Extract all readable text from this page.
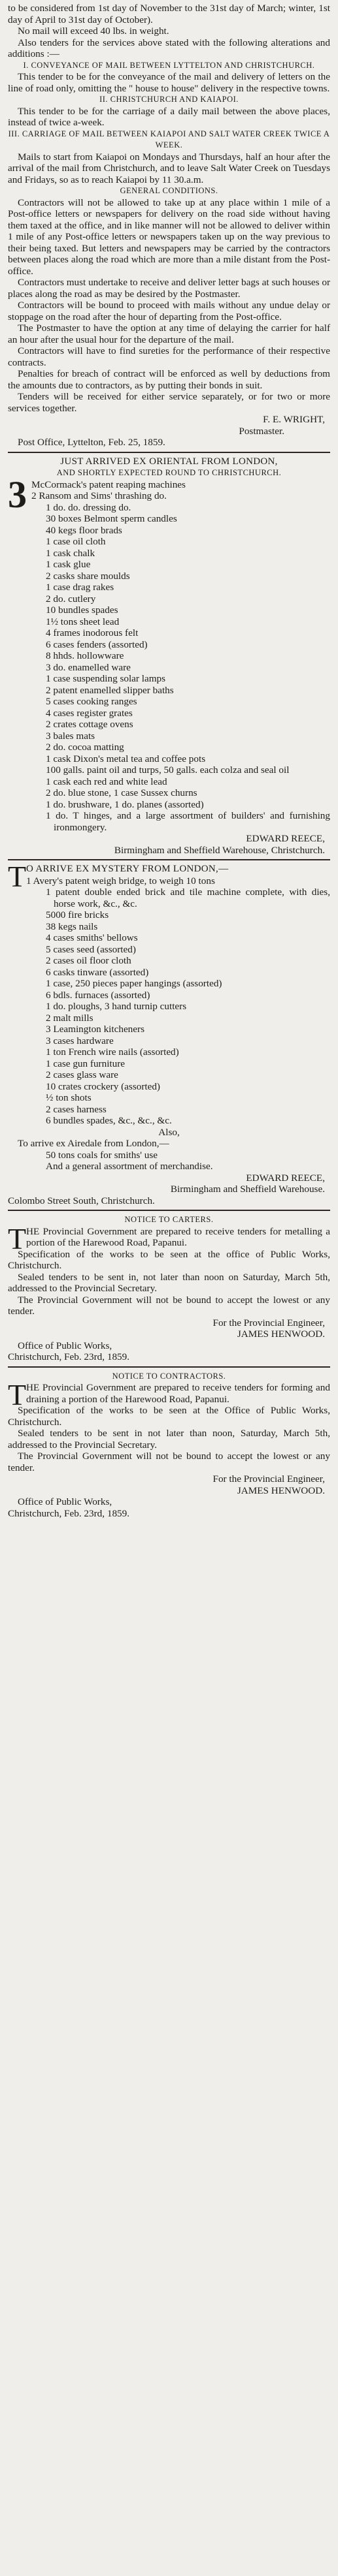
to be considered from 1st day of November to the 31st day of March; winter, 1st day of April to 31st day of October).

No mail will exceed 40 lbs. in weight.

Also tenders for the services above stated with the following alterations and additions :—

I. CONVEYANCE OF MAIL BETWEEN LYTTELTON AND CHRISTCHURCH.

This tender to be for the conveyance of the mail and delivery of letters on the line of road only, omitting the " house to house" delivery in the respective towns.

II. CHRISTCHURCH AND KAIAPOI.

This tender to be for the carriage of a daily mail between the above places, instead of twice a-week.

III. CARRIAGE OF MAIL BETWEEN KAIAPOI AND SALT WATER CREEK TWICE A WEEK.

Mails to start from Kaiapoi on Mondays and Thursdays, half an hour after the arrival of the mail from Christchurch, and to leave Salt Water Creek on Tuesdays and Fridays, so as to reach Kaiapoi by 11 30.a.m.

GENERAL CONDITIONS.

Contractors will not be allowed to take up at any place within 1 mile of a Post-office letters or newspapers for delivery on the road side without having them taxed at the office, and in like manner will not be allowed to deliver within 1 mile of any Post-office letters or newspapers taken up on the way previous to their being taxed. But letters and newspapers may be carried by the contractors between places along the road which are more than a mile distant from the Post-office.

Contractors must undertake to receive and deliver letter bags at such houses or places along the road as may be desired by the Postmaster.

Contractors will be bound to proceed with mails without any undue delay or stoppage on the road after the hour of departing from the Post-office.

The Postmaster to have the option at any time of delaying the carrier for half an hour after the usual hour for the departure of the mail.

Contractors will have to find sureties for the performance of their respective contracts.

Penalties for breach of contract will be enforced as well by deductions from the amounts due to contractors, as by putting their bonds in suit.

Tenders will be received for either service separately, or for two or more services together.

F. E. WRIGHT,

Postmaster.

Post Office, Lyttelton, Feb. 25, 1859.

JUST ARRIVED EX ORIENTAL FROM LONDON,

AND SHORTLY EXPECTED ROUND TO CHRISTCHURCH.

3 McCormack's patent reaping machines

2 Ransom and Sims' thrashing do.

1 do. do. dressing do.

30 boxes Belmont sperm candles

40 kegs floor brads

1 case oil cloth

1 cask chalk

1 cask glue

2 casks share moulds

1 case drag rakes

2 do. cutlery

10 bundles spades

1½ tons sheet lead

4 frames inodorous felt

6 cases fenders (assorted)

8 hhds. hollowware

3 do. enamelled ware

1 case suspending solar lamps

2 patent enamelled slipper baths

5 cases cooking ranges

4 cases register grates

2 crates cottage ovens

3 bales mats

2 do. cocoa matting

1 cask Dixon's metal tea and coffee pots

100 galls. paint oil and turps, 50 galls. each colza and seal oil

1 cask each red and white lead

2 do. blue stone, 1 case Sussex churns

1 do. brushware, 1 do. planes (assorted)

1 do. T hinges, and a large assortment of builders' and furnishing ironmongery.

EDWARD REECE,

Birmingham and Sheffield Warehouse, Christchurch.

T O ARRIVE EX MYSTERY FROM LONDON,—

1 Avery's patent weigh bridge, to weigh 10 tons

1 patent double ended brick and tile machine complete, with dies, horse work, &c., &c.

5000 fire bricks

38 kegs nails

4 cases smiths' bellows

5 cases seed (assorted)

2 cases oil floor cloth

6 casks tinware (assorted)

1 case, 250 pieces paper hangings (assorted)

6 bdls. furnaces (assorted)

1 do. ploughs, 3 hand turnip cutters

2 malt mills

3 Leamington kitcheners

3 cases hardware

1 ton French wire nails (assorted)

1 case gun furniture

2 cases glass ware

10 crates crockery (assorted)

½ ton shots

2 cases harness

6 bundles spades, &c., &c., &c.

Also,

To arrive ex Airedale from London,—

50 tons coals for smiths' use

And a general assortment of merchandise.

EDWARD REECE,

Birmingham and Sheffield Warehouse.

Colombo Street South, Christchurch.

NOTICE TO CARTERS.

T HE Provincial Government are prepared to receive tenders for metalling a portion of the Harewood Road, Papanui.

Specification of the works to be seen at the office of Public Works, Christchurch.

Sealed tenders to be sent in, not later than noon on Saturday, March 5th, addressed to the Provincial Secretary.

The Provincial Government will not be bound to accept the lowest or any tender.

For the Provincial Engineer,

JAMES HENWOOD.

Office of Public Works,

Christchurch, Feb. 23rd, 1859.

NOTICE TO CONTRACTORS.

T HE Provincial Government are prepared to receive tenders for forming and draining a portion of the Harewood Road, Papanui.

Specification of the works to be seen at the Office of Public Works, Christchurch.

Sealed tenders to be sent in not later than noon, Saturday, March 5th, addressed to the Provincial Secretary.

The Provincial Government will not be bound to accept the lowest or any tender.

For the Provincial Engineer,

JAMES HENWOOD.

Office of Public Works,

Christchurch, Feb. 23rd, 1859.
